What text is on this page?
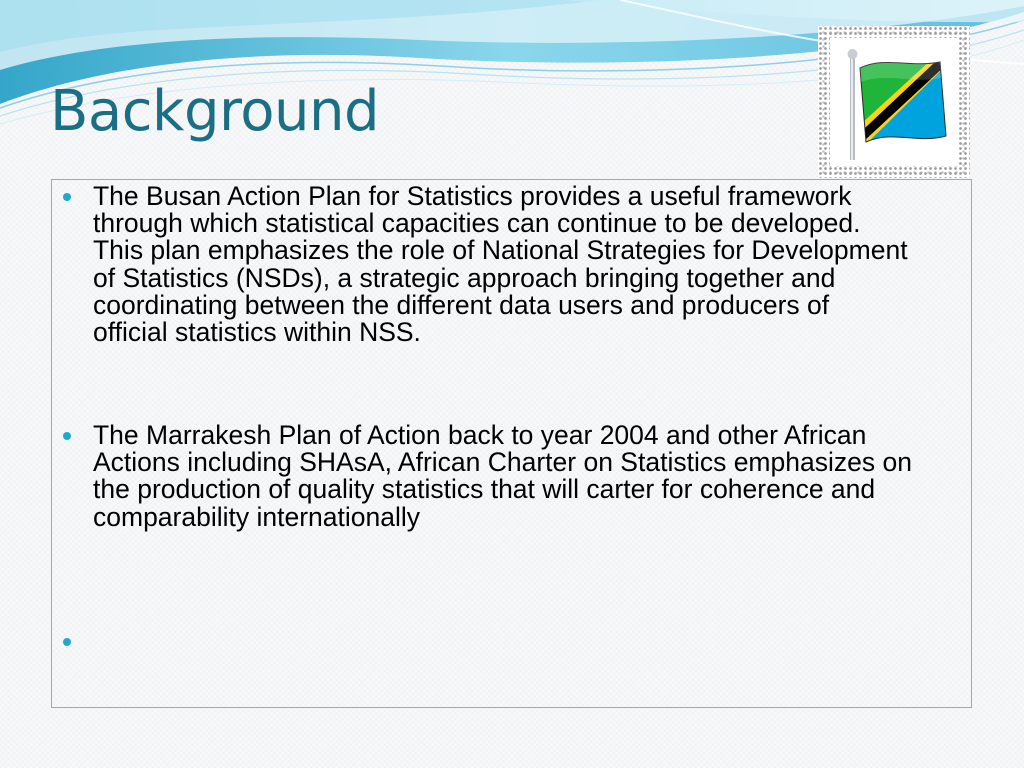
Background

The Busan Action Plan for Statistics provides a useful framework
through which statistical capacities can continue to be developed.
This plan emphasizes the role of National Strategies for Development
of Statistics (NSDs), a strategic approach bringing together and
coordinating between the different data users and producers of
official statistics within NSS.

The Marrakesh Plan of Action back to year 2004 and other African
Actions including SHAsA, African Charter on Statistics emphasizes on
the production of quality statistics that will carter for coherence and
comparability internationally
